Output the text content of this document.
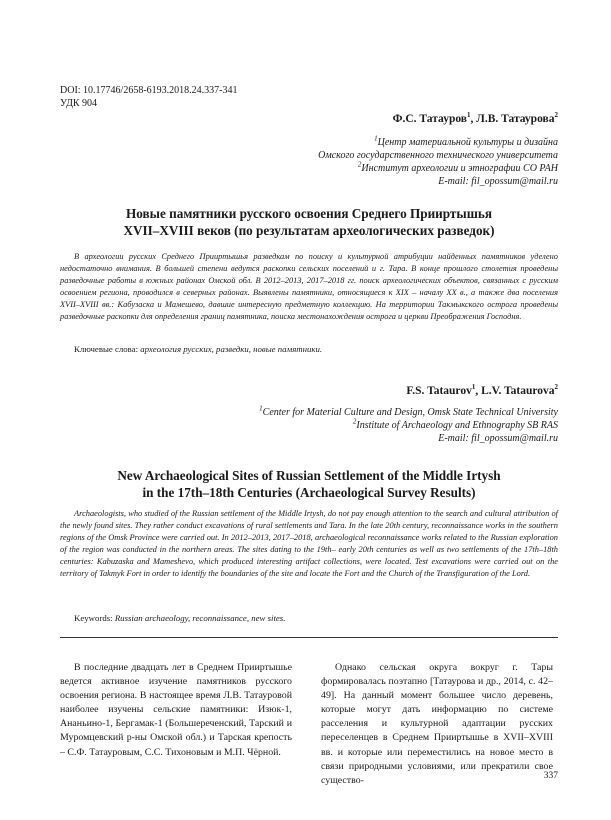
DOI: 10.17746/2658-6193.2018.24.337-341
УДК 904
Ф.С. Татауров$^1$, Л.В. Татаурова$^2$
$^1$Центр материальной культуры и дизайна
Омского государственного технического университета
$^2$Институт археологии и этнографии СО РАН
E-mail: fil_opossum@mail.ru
Новые памятники русского освоения Среднего Прииртышья
XVII–XVIII веков (по результатам археологических разведок)
В археологии русских Среднего Прииртышья разведкам по поиску и культурной атрибуции найденных памятников уделено недостаточно внимания. В большей степени ведутся раскопки сельских поселений и г. Тара. В конце прошлого столетия проведены разведочные работы в южных районах Омской обл. В 2012–2013, 2017–2018 гг. поиск археологических объектов, связанных с русским освоением региона, проводился в северных районах. Выявлены памятники, относящиеся к XIX – началу XX в., а также два поселения XVII–XVIII вв.: Кабузаска и Мамешево, давшие интересную предметную коллекцию. На территории Такмыкского острога проведены разведочные раскопки для определения границ памятника, поиска местонахождения острога и церкви Преображения Господня.
Ключевые слова: археология русских, разведки, новые памятники.
F.S. Tataurov$^1$, L.V. Tataurova$^2$
$^1$Center for Material Culture and Design, Omsk State Technical University
$^2$Institute of Archaeology and Ethnography SB RAS
E-mail: fil_opossum@mail.ru
New Archaeological Sites of Russian Settlement of the Middle Irtysh
in the 17th–18th Centuries (Archaeological Survey Results)
Archaeologists, who studied of the Russian settlement of the Middle Irtysh, do not pay enough attention to the search and cultural attribution of the newly found sites. They rather conduct excavations of rural settlements and Tara. In the late 20th century, reconnaissance works in the southern regions of the Omsk Province were carried out. In 2012–2013, 2017–2018, archaeological reconnaissance works related to the Russian exploration of the region was conducted in the northern areas. The sites dating to the 19th– early 20th centuries as well as two settlements of the 17th–18th centuries: Kabuzaska and Mameshevo, which produced interesting artifact collections, were located. Test excavations were carried out on the territory of Takmyk Fort in order to identify the boundaries of the site and locate the Fort and the Church of the Transfiguration of the Lord.
Keywords: Russian archaeology, reconnaissance, new sites.
В последние двадцать лет в Среднем Прииртышье ведется активное изучение памятников русского освоения региона. В настоящее время Л.В. Татауровой наиболее изучены сельские памятники: Изюк-1, Ананьино-1, Бергамак-1 (Большереченский, Тарский и Муромцевский р-ны Омской обл.) и Тарская крепость – С.Ф. Татауровым, С.С. Тихоновым и М.П. Чёрной.
Однако сельская округа вокруг г. Тары формировалась поэтапно [Татаурова и др., 2014, с. 42–49]. На данный момент большее число деревень, которые могут дать информацию по системе расселения и культурной адаптации русских переселенцев в Среднем Прииртышье в XVII–XVIII вв. и которые или переместились на новое место в связи природными условиями, или прекратили свое существо-	337
